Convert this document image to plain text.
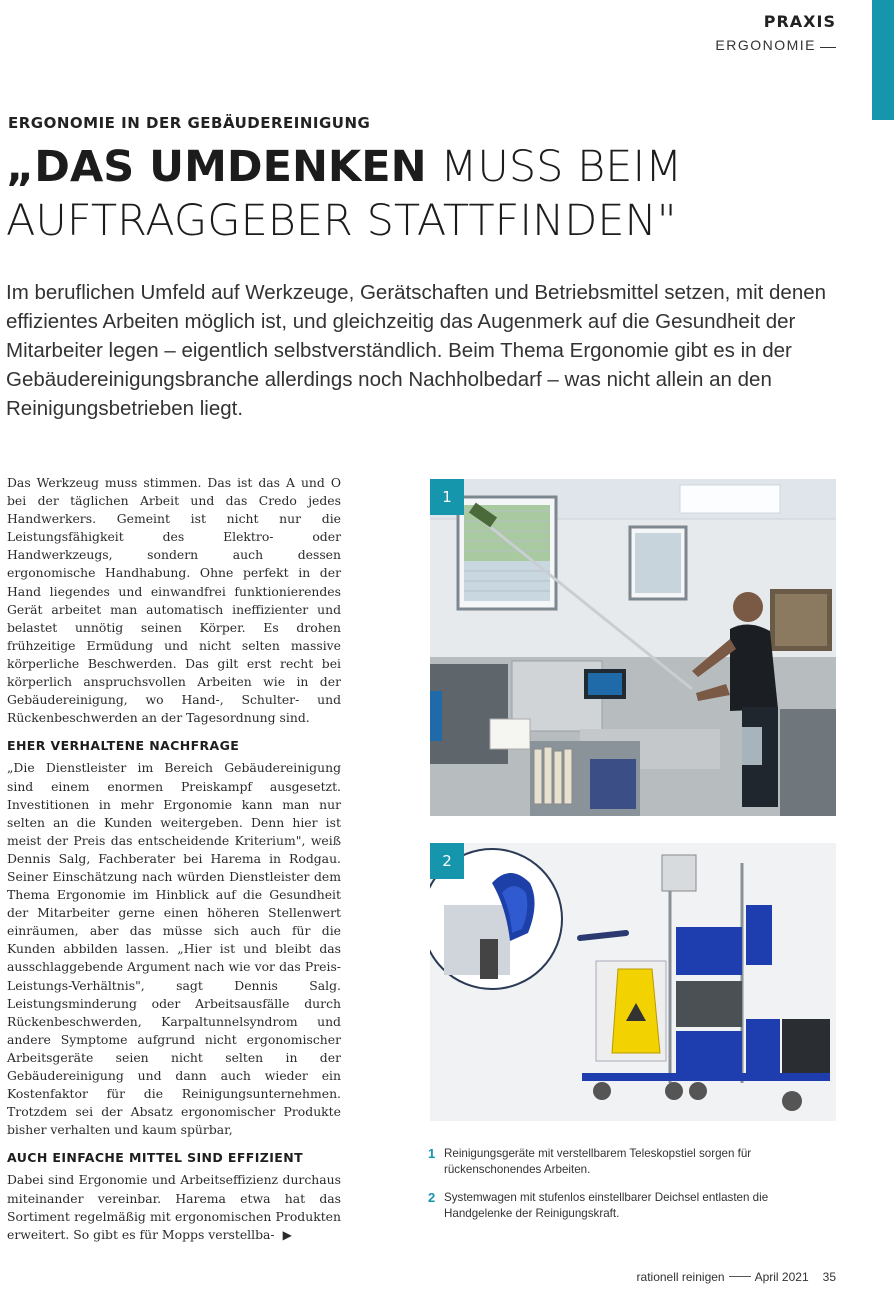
PRAXIS
ERGONOMIE
ERGONOMIE IN DER GEBÄUDEREINIGUNG
„DAS UMDENKEN MUSS BEIM AUFTRAGGEBER STATTFINDEN"
Im beruflichen Umfeld auf Werkzeuge, Gerätschaften und Betriebsmittel setzen, mit denen effizientes Arbeiten möglich ist, und gleichzeitig das Augenmerk auf die Gesundheit der Mitarbeiter legen – eigentlich selbstverständlich. Beim Thema Ergonomie gibt es in der Gebäudereinigungsbranche allerdings noch Nachholbedarf – was nicht allein an den Reinigungsbetrieben liegt.

Das Werkzeug muss stimmen. Das ist das A und O bei der täglichen Arbeit und das Credo jedes Handwerkers. Gemeint ist nicht nur die Leistungsfähigkeit des Elektro- oder Handwerkzeugs, sondern auch dessen ergonomische Handhabung. Ohne perfekt in der Hand liegendes und einwandfrei funktionierendes Gerät arbeitet man automatisch ineffizienter und belastet unnötig seinen Körper. Es drohen frühzeitige Ermüdung und nicht selten massive körperliche Beschwerden. Das gilt erst recht bei körperlich anspruchsvollen Arbeiten wie in der Gebäudereinigung, wo Hand-, Schulter- und Rückenbeschwerden an der Tagesordnung sind.

EHER VERHALTENE NACHFRAGE

„Die Dienstleister im Bereich Gebäudereinigung sind einem enormen Preiskampf ausgesetzt. Investitionen in mehr Ergonomie kann man nur selten an die Kunden weitergeben. Denn hier ist meist der Preis das entscheidende Kriterium", weiß Dennis Salg, Fachberater bei Harema in Rodgau. Seiner Einschätzung nach würden Dienstleister dem Thema Ergonomie im Hinblick auf die Gesundheit der Mitarbeiter gerne einen höheren Stellenwert einräumen, aber das müsse sich auch für die Kunden abbilden lassen. „Hier ist und bleibt das ausschlaggebende Argument nach wie vor das Preis-Leistungs-Verhältnis", sagt Dennis Salg. Leistungsminderung oder Arbeitsausfälle durch Rückenbeschwerden, Karpaltunnelsyndrom und andere Symptome aufgrund nicht ergonomischer Arbeitsgeräte seien nicht selten in der Gebäudereinigung und dann auch wieder ein Kostenfaktor für die Reinigungsunternehmen. Trotzdem sei der Absatz ergonomischer Produkte bisher verhalten und kaum spürbar,

AUCH EINFACHE MITTEL SIND EFFIZIENT

Dabei sind Ergonomie und Arbeitseffizienz durchaus miteinander vereinbar. Harema etwa hat das Sortiment regelmäßig mit ergonomischen Produkten erweitert. So gibt es für Mopps verstellba- ▶

1
2
1 Reinigungsgeräte mit verstellbarem Teleskopstiel sorgen für rückenschonendes Arbeiten.
2 Systemwagen mit stufenlos einstellbarer Deichsel entlasten die Handgelenke der Reinigungskraft.
rationell reinigen	April 2021 35
